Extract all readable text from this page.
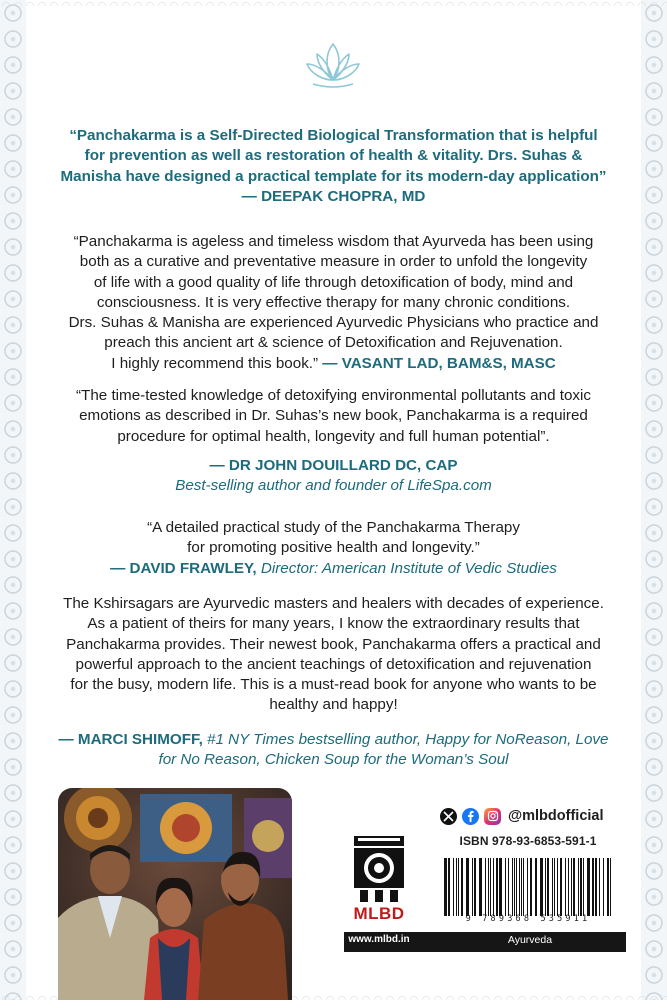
“Panchakarma is a Self-Directed Biological Transformation that is helpful
for prevention as well as restoration of health & vitality. Drs. Suhas &
Manisha have designed a practical template for its modern-day application”
— DEEPAK CHOPRA, MD
“Panchakarma is ageless and timeless wisdom that Ayurveda has been using
both as a curative and preventative measure in order to unfold the longevity
of life with a good quality of life through detoxification of body, mind and
consciousness. It is very effective therapy for many chronic conditions.
Drs. Suhas & Manisha are experienced Ayurvedic Physicians who practice and
preach this ancient art & science of Detoxification and Rejuvenation.
I highly recommend this book.” — VASANT LAD, BAM&S, MASC
“The time-tested knowledge of detoxifying environmental pollutants and toxic
emotions as described in Dr. Suhas’s new book, Panchakarma is a required
procedure for optimal health, longevity and full human potential”.
— DR JOHN DOUILLARD DC, CAP
Best-selling author and founder of LifeSpa.com
“A detailed practical study of the Panchakarma Therapy
for promoting positive health and longevity.”
— DAVID FRAWLEY, Director: American Institute of Vedic Studies
The Kshirsagars are Ayurvedic masters and healers with decades of experience.
As a patient of theirs for many years, I know the extraordinary results that
Panchakarma provides. Their newest book, Panchakarma offers a practical and
powerful approach to the ancient teachings of detoxification and rejuvenation
for the busy, modern life. This is a must-read book for anyone who wants to be
healthy and happy!
— MARCI SHIMOFF, #1 NY Times bestselling author, Happy for NoReason, Love
for No Reason, Chicken Soup for the Woman’s Soul
@mlbdofficial
MLBD
ISBN 978-93-6853-591-1
9 789368 535911
www.mlbd.in	Ayurveda
